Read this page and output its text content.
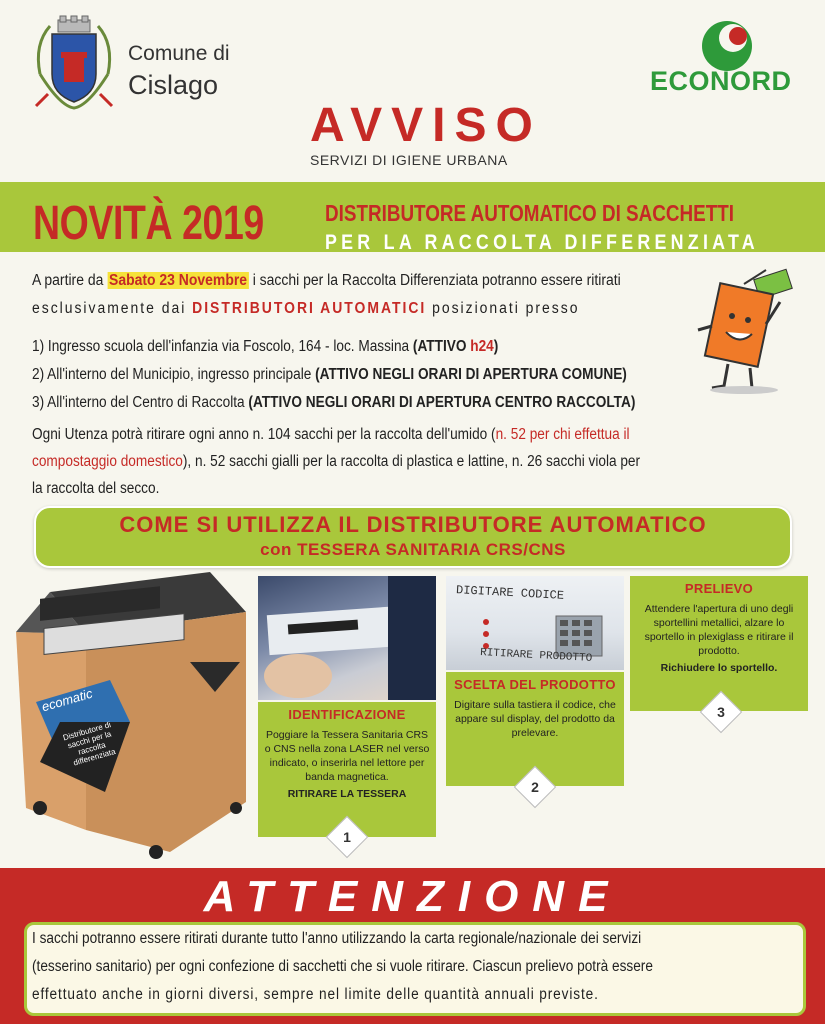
Comune di
Cislago	ECONORD
AVVISO
SERVIZI DI IGIENE URBANA
NOVITÀ 2019	DISTRIBUTORE AUTOMATICO DI SACCHETTI
PER LA RACCOLTA DIFFERENZIATA
A partire da Sabato 23 Novembre i sacchi per la Raccolta Differenziata potranno essere ritirati
esclusivamente dai DISTRIBUTORI AUTOMATICI posizionati presso
1) Ingresso scuola dell'infanzia via Foscolo, 164 - loc. Massina (ATTIVO h24)
2) All'interno del Municipio, ingresso principale (ATTIVO NEGLI ORARI DI APERTURA COMUNE)
3) All'interno del Centro di Raccolta (ATTIVO NEGLI ORARI DI APERTURA CENTRO RACCOLTA)
Ogni Utenza potrà ritirare ogni anno n. 104 sacchi per la raccolta dell'umido (n. 52 per chi effettua il
compostaggio domestico), n. 52 sacchi gialli per la raccolta di plastica e lattine, n. 26 sacchi viola per
la raccolta del secco.
COME SI UTILIZZA IL DISTRIBUTORE AUTOMATICO
con TESSERA SANITARIA CRS/CNS
ecomatic
Distributore di sacchi per la raccolta differenziata
DIGITARE CODICE
RITIRARE PRODOTTO
IDENTIFICAZIONE
Poggiare la Tessera Sanitaria CRS o CNS nella zona LASER nel verso indicato, o inserirla nel lettore per banda magnetica.
RITIRARE LA TESSERA
SCELTA DEL PRODOTTO
Digitare sulla tastiera il codice, che appare sul display, del prodotto da prelevare.
PRELIEVO
Attendere l'apertura di uno degli sportellini metallici, alzare lo sportello in plexiglass e ritirare il prodotto.
Richiudere lo sportello.
1
2
3
ATTENZIONE
I sacchi potranno essere ritirati durante tutto l'anno utilizzando la carta regionale/nazionale dei servizi
(tesserino sanitario) per ogni confezione di sacchetti che si vuole ritirare. Ciascun prelievo potrà essere
effettuato anche in giorni diversi, sempre nel limite delle quantità annuali previste.
